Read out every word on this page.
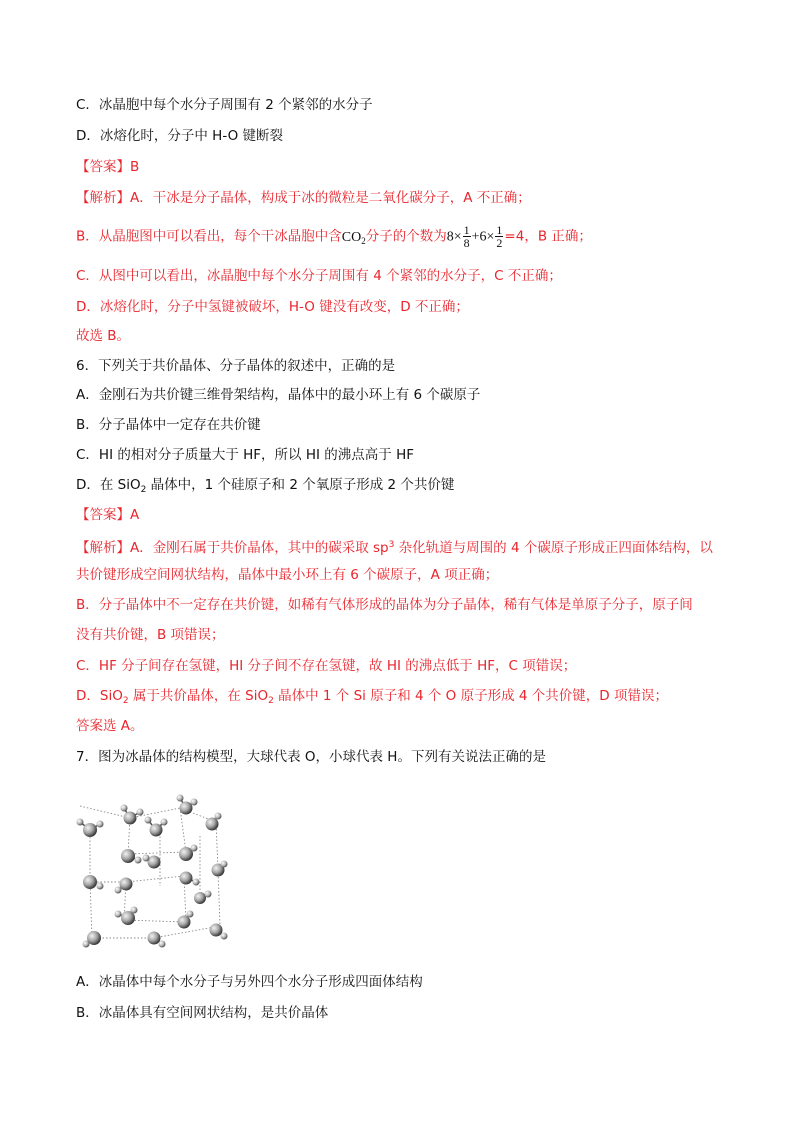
C．冰晶胞中每个水分子周围有 2 个紧邻的水分子
D．冰熔化时，分子中 H-O 键断裂
【答案】B
【解析】A．干冰是分子晶体，构成于冰的微粒是二氧化碳分子，A 不正确；
B．从晶胞图中可以看出，每个干冰晶胞中含$CO_2$分子的个数为$8\times \frac{1}{8} +6\times \frac{1}{2} =4$，B 正确；
C．从图中可以看出，冰晶胞中每个水分子周围有 4 个紧邻的水分子，C 不正确；
D．冰熔化时，分子中氢键被破坏，H-O 键没有改变，D 不正确；
故选 B。
6．下列关于共价晶体、分子晶体的叙述中，正确的是
A．金刚石为共价键三维骨架结构，晶体中的最小环上有 6 个碳原子
B．分子晶体中一定存在共价键
C．HI 的相对分子质量大于 HF，所以 HI 的沸点高于 HF
D．在 SiO$_2$ 晶体中，1 个硅原子和 2 个氧原子形成 2 个共价键
【答案】A
【解析】A．金刚石属于共价晶体，其中的碳采取 $sp^3$ 杂化轨道与周围的 4 个碳原子形成正四面体结构，以
共价键形成空间网状结构，晶体中最小环上有 6 个碳原子，A 项正确；
B．分子晶体中不一定存在共价键，如稀有气体形成的晶体为分子晶体，稀有气体是单原子分子，原子间
没有共价键，B 项错误；
C．HF 分子间存在氢键，HI 分子间不存在氢键，故 HI 的沸点低于 HF，C 项错误；
D．SiO$_2$ 属于共价晶体，在 SiO$_2$ 晶体中 1 个 Si 原子和 4 个 O 原子形成 4 个共价键，D 项错误；
答案选 A。
7．图为冰晶体的结构模型，大球代表 O，小球代表 H。下列有关说法正确的是
A．冰晶体中每个水分子与另外四个水分子形成四面体结构
B．冰晶体具有空间网状结构，是共价晶体
